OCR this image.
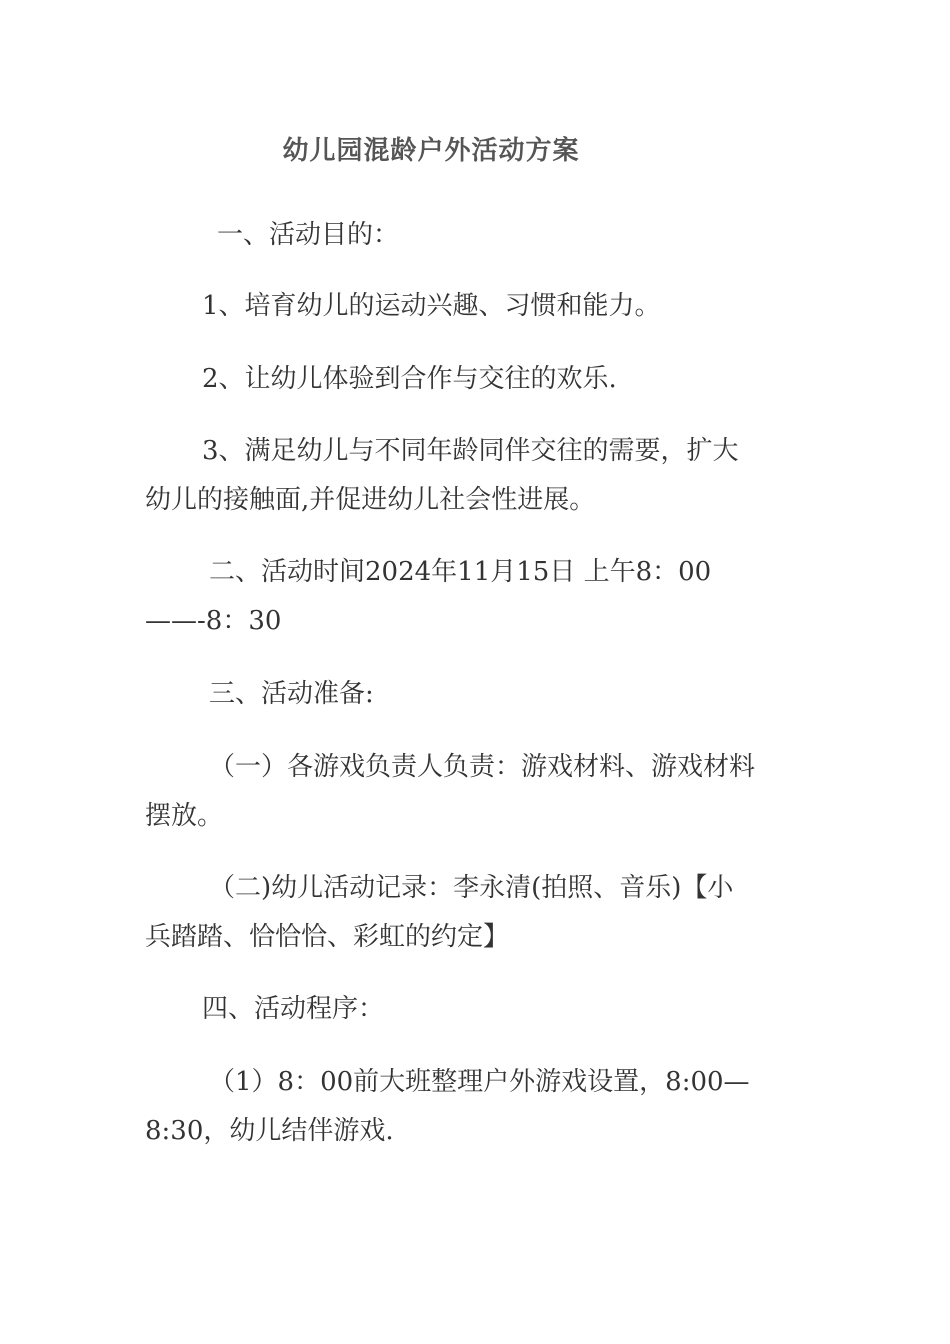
幼儿园混龄户外活动方案
一、活动目的：
1、培育幼儿的运动兴趣、习惯和能力。
2、让幼儿体验到合作与交往的欢乐.
3、满足幼儿与不同年龄同伴交往的需要，扩大
幼儿的接触面,并促进幼儿社会性进展。
二、活动时间2024年11月15日 上午8：00
——-8：30
三、活动准备:
（一）各游戏负责人负责：游戏材料、游戏材料
摆放。
（二)幼儿活动记录：李永清(拍照、音乐)【小
兵踏踏、恰恰恰、彩虹的约定】
四、活动程序：
（1）8：00前大班整理户外游戏设置，8:00—
8:30，幼儿结伴游戏.
